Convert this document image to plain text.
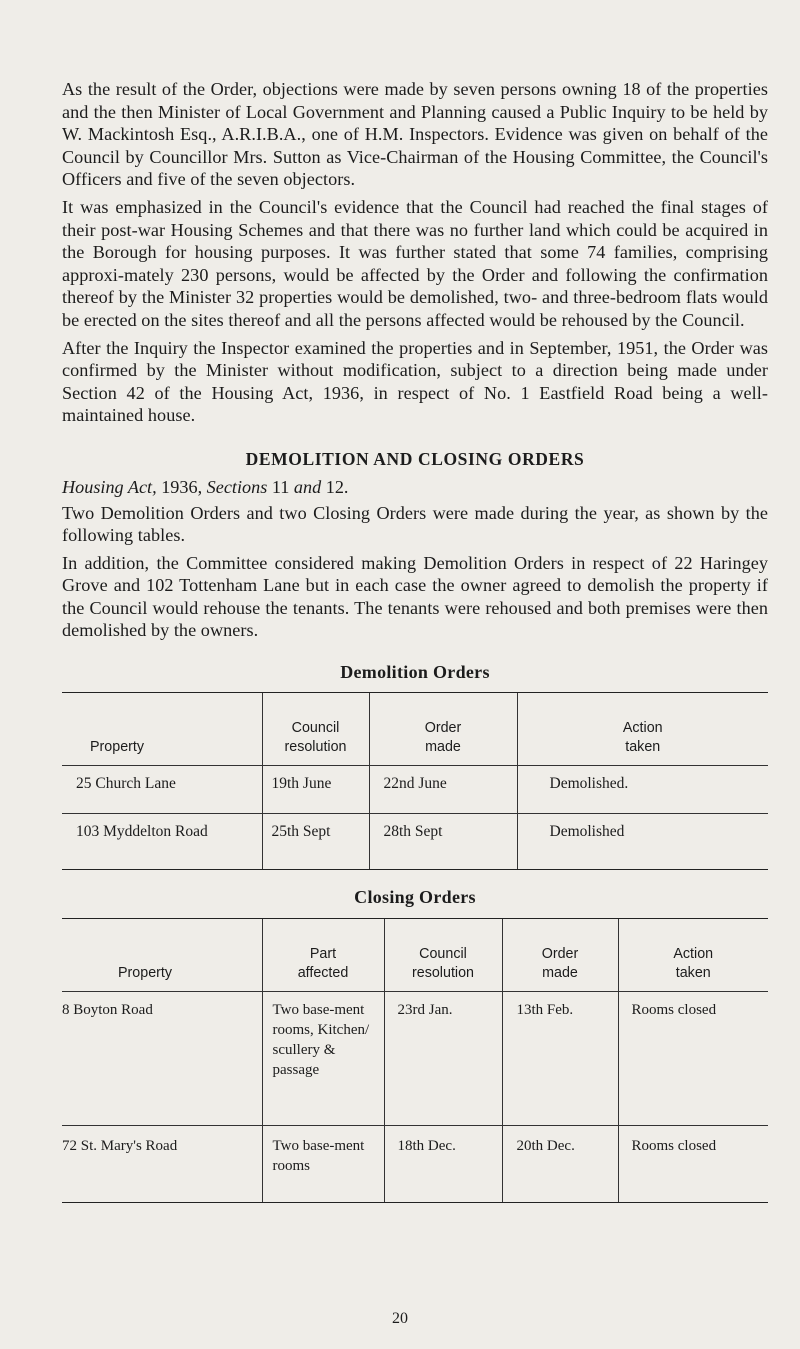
As the result of the Order, objections were made by seven persons owning 18 of the properties and the then Minister of Local Government and Planning caused a Public Inquiry to be held by W. Mackintosh Esq., A.R.I.B.A., one of H.M. Inspectors. Evidence was given on behalf of the Council by Councillor Mrs. Sutton as Vice-Chairman of the Housing Committee, the Council's Officers and five of the seven objectors.

It was emphasized in the Council's evidence that the Council had reached the final stages of their post-war Housing Schemes and that there was no further land which could be acquired in the Borough for housing purposes. It was further stated that some 74 families, comprising approxi-mately 230 persons, would be affected by the Order and following the confirmation thereof by the Minister 32 properties would be demolished, two- and three-bedroom flats would be erected on the sites thereof and all the persons affected would be rehoused by the Council.

After the Inquiry the Inspector examined the properties and in September, 1951, the Order was confirmed by the Minister without modification, subject to a direction being made under Section 42 of the Housing Act, 1936, in respect of No. 1 Eastfield Road being a well-maintained house.

DEMOLITION AND CLOSING ORDERS

Housing Act, 1936, Sections 11 and 12.

Two Demolition Orders and two Closing Orders were made during the year, as shown by the following tables.

In addition, the Committee considered making Demolition Orders in respect of 22 Haringey Grove and 102 Tottenham Lane but in each case the owner agreed to demolish the property if the Council would rehouse the tenants. The tenants were rehoused and both premises were then demolished by the owners.

Demolition Orders
Property	Council resolution	Order made	Action taken
25 Church Lane	19th June	22nd June	Demolished.
103 Myddelton Road	25th Sept	28th Sept	Demolished
Closing Orders
Property	Part affected	Council resolution	Order made	Action taken
8 Boyton Road	Two base-ment rooms, Kitchen/ scullery & passage	23rd Jan.	13th Feb.	Rooms closed
72 St. Mary's Road	Two base-ment rooms	18th Dec.	20th Dec.	Rooms closed
20
